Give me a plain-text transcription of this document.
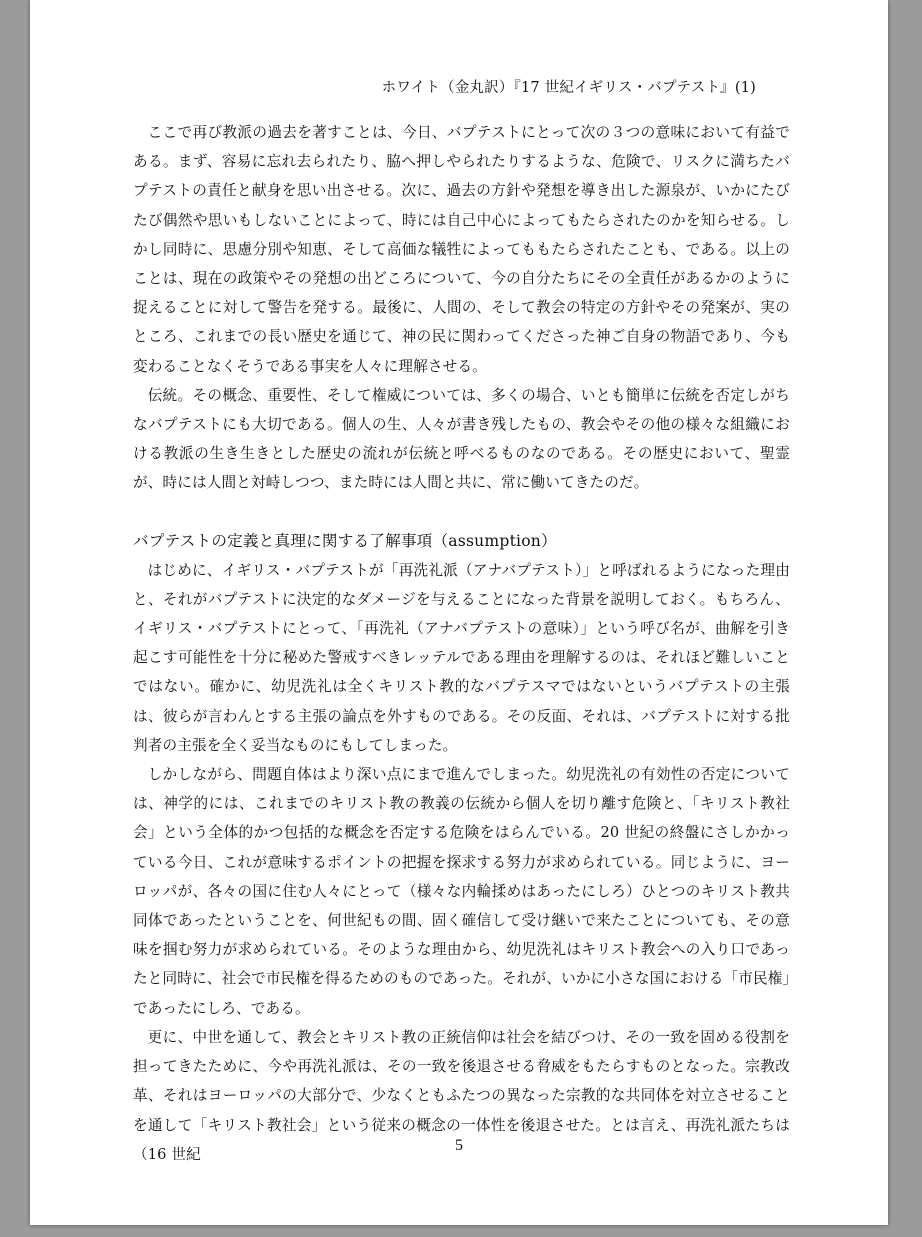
ホワイト（金丸訳）『17 世紀イギリス・バプテスト』(1)

ここで再び教派の過去を著すことは、今日、バプテストにとって次の３つの意味において有益である。まず、容易に忘れ去られたり、脇へ押しやられたりするような、危険で、リスクに満ちたバプテストの責任と献身を思い出させる。次に、過去の方針や発想を導き出した源泉が、いかにたびたび偶然や思いもしないことによって、時には自己中心によってもたらされたのかを知らせる。しかし同時に、思慮分別や知恵、そして高価な犠牲によってももたらされたことも、である。以上のことは、現在の政策やその発想の出どころについて、今の自分たちにその全責任があるかのように捉えることに対して警告を発する。最後に、人間の、そして教会の特定の方針やその発案が、実のところ、これまでの長い歴史を通じて、神の民に関わってくださった神ご自身の物語であり、今も変わることなくそうである事実を人々に理解させる。

伝統。その概念、重要性、そして権威については、多くの場合、いとも簡単に伝統を否定しがちなバプテストにも大切である。個人の生、人々が書き残したもの、教会やその他の様々な組織における教派の生き生きとした歴史の流れが伝統と呼べるものなのである。その歴史において、聖霊が、時には人間と対峙しつつ、また時には人間と共に、常に働いてきたのだ。

バプテストの定義と真理に関する了解事項（assumption）

はじめに、イギリス・バプテストが「再洗礼派（アナバプテスト）」と呼ばれるようになった理由と、それがバプテストに決定的なダメージを与えることになった背景を説明しておく。もちろん、イギリス・バプテストにとって、「再洗礼（アナバプテストの意味）」という呼び名が、曲解を引き起こす可能性を十分に秘めた警戒すべきレッテルである理由を理解するのは、それほど難しいことではない。確かに、幼児洗礼は全くキリスト教的なバプテスマではないというバプテストの主張は、彼らが言わんとする主張の論点を外すものである。その反面、それは、バプテストに対する批判者の主張を全く妥当なものにもしてしまった。

しかしながら、問題自体はより深い点にまで進んでしまった。幼児洗礼の有効性の否定については、神学的には、これまでのキリスト教の教義の伝統から個人を切り離す危険と、「キリスト教社会」という全体的かつ包括的な概念を否定する危険をはらんでいる。20 世紀の終盤にさしかかっている今日、これが意味するポイントの把握を探求する努力が求められている。同じように、ヨーロッパが、各々の国に住む人々にとって（様々な内輪揉めはあったにしろ）ひとつのキリスト教共同体であったということを、何世紀もの間、固く確信して受け継いで来たことについても、その意味を掴む努力が求められている。そのような理由から、幼児洗礼はキリスト教会への入り口であったと同時に、社会で市民権を得るためのものであった。それが、いかに小さな国における「市民権」であったにしろ、である。

更に、中世を通して、教会とキリスト教の正統信仰は社会を結びつけ、その一致を固める役割を担ってきたために、今や再洗礼派は、その一致を後退させる脅威をもたらすものとなった。宗教改革、それはヨーロッパの大部分で、少なくともふたつの異なった宗教的な共同体を対立させることを通して「キリスト教社会」という従来の概念の一体性を後退させた。とは言え、再洗礼派たちは（16 世紀

5
